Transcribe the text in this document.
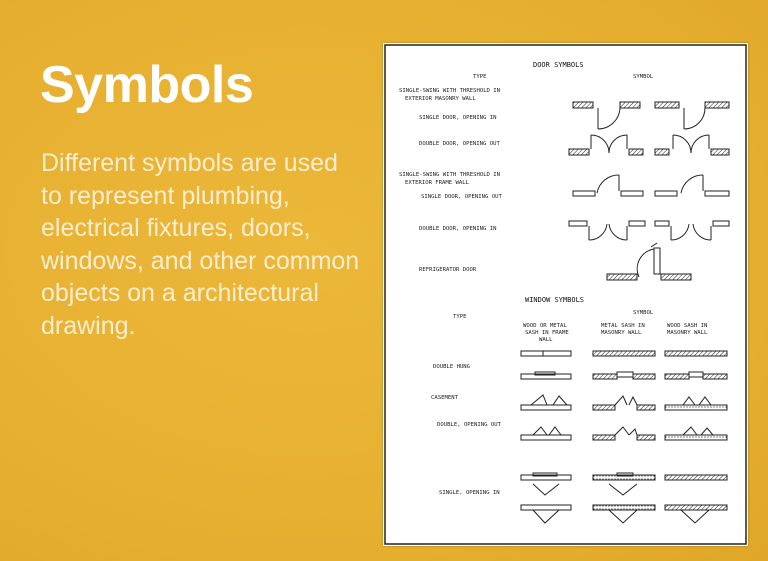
Symbols

Different symbols are used to represent plumbing, electrical fixtures, doors, windows, and other common objects on a architectural drawing.

DOOR SYMBOLS
TYPE	SYMBOL
SINGLE-SWING WITH THRESHOLD IN
EXTERIOR MASONRY WALL
SINGLE DOOR, OPENING IN
DOUBLE DOOR, OPENING OUT
SINGLE-SWING WITH THRESHOLD IN
EXTERIOR FRAME WALL
SINGLE DOOR, OPENING OUT
DOUBLE DOOR, OPENING IN
REFRIGERATOR DOOR
WINDOW SYMBOLS
TYPE
SYMBOL
WOOD OR METAL
SASH IN FRAME
WALL
METAL SASH IN
MASONRY WALL
WOOD SASH IN
MASONRY WALL
DOUBLE HUNG
CASEMENT
DOUBLE, OPENING OUT
SINGLE, OPENING IN
